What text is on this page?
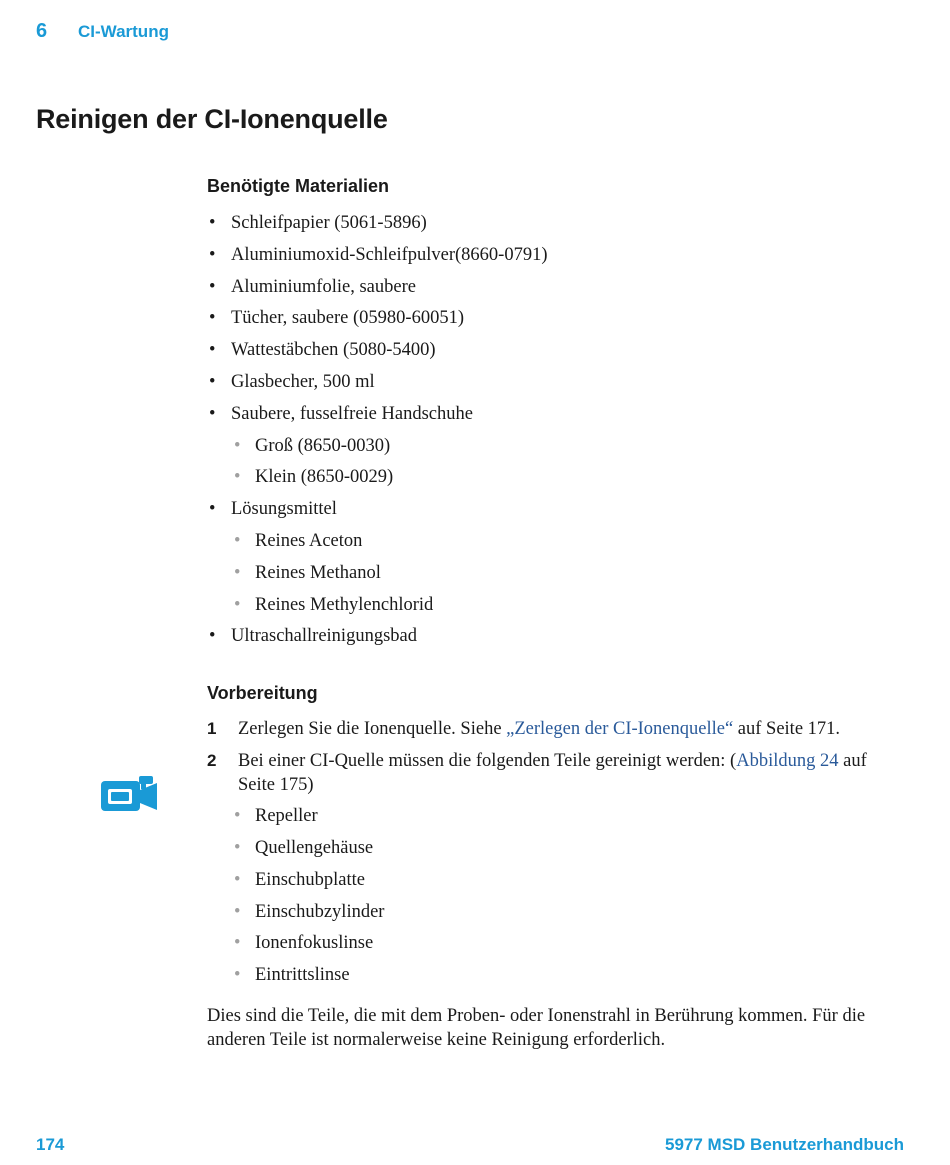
6 CI-Wartung
Reinigen der CI-Ionenquelle
Benötigte Materialien
• Schleifpapier (5061-5896)
• Aluminiumoxid-Schleifpulver(8660-0791)
• Aluminiumfolie, saubere
• Tücher, saubere (05980-60051)
• Wattestäbchen (5080-5400)
• Glasbecher, 500 ml
• Saubere, fusselfreie Handschuhe
• Groß (8650-0030)
• Klein (8650-0029)
• Lösungsmittel
• Reines Aceton
• Reines Methanol
• Reines Methylenchlorid
• Ultraschallreinigungsbad
Vorbereitung
1 Zerlegen Sie die Ionenquelle. Siehe „Zerlegen der CI-Ionenquelle“ auf Seite 171.
2 Bei einer CI-Quelle müssen die folgenden Teile gereinigt werden: (Abbildung 24 auf Seite 175)
• Repeller
• Quellengehäuse
• Einschubplatte
• Einschubzylinder
• Ionenfokuslinse
• Eintrittslinse
Dies sind die Teile, die mit dem Proben- oder Ionenstrahl in Berührung kommen. Für die anderen Teile ist normalerweise keine Reinigung erforderlich.
174	5977 MSD Benutzerhandbuch
